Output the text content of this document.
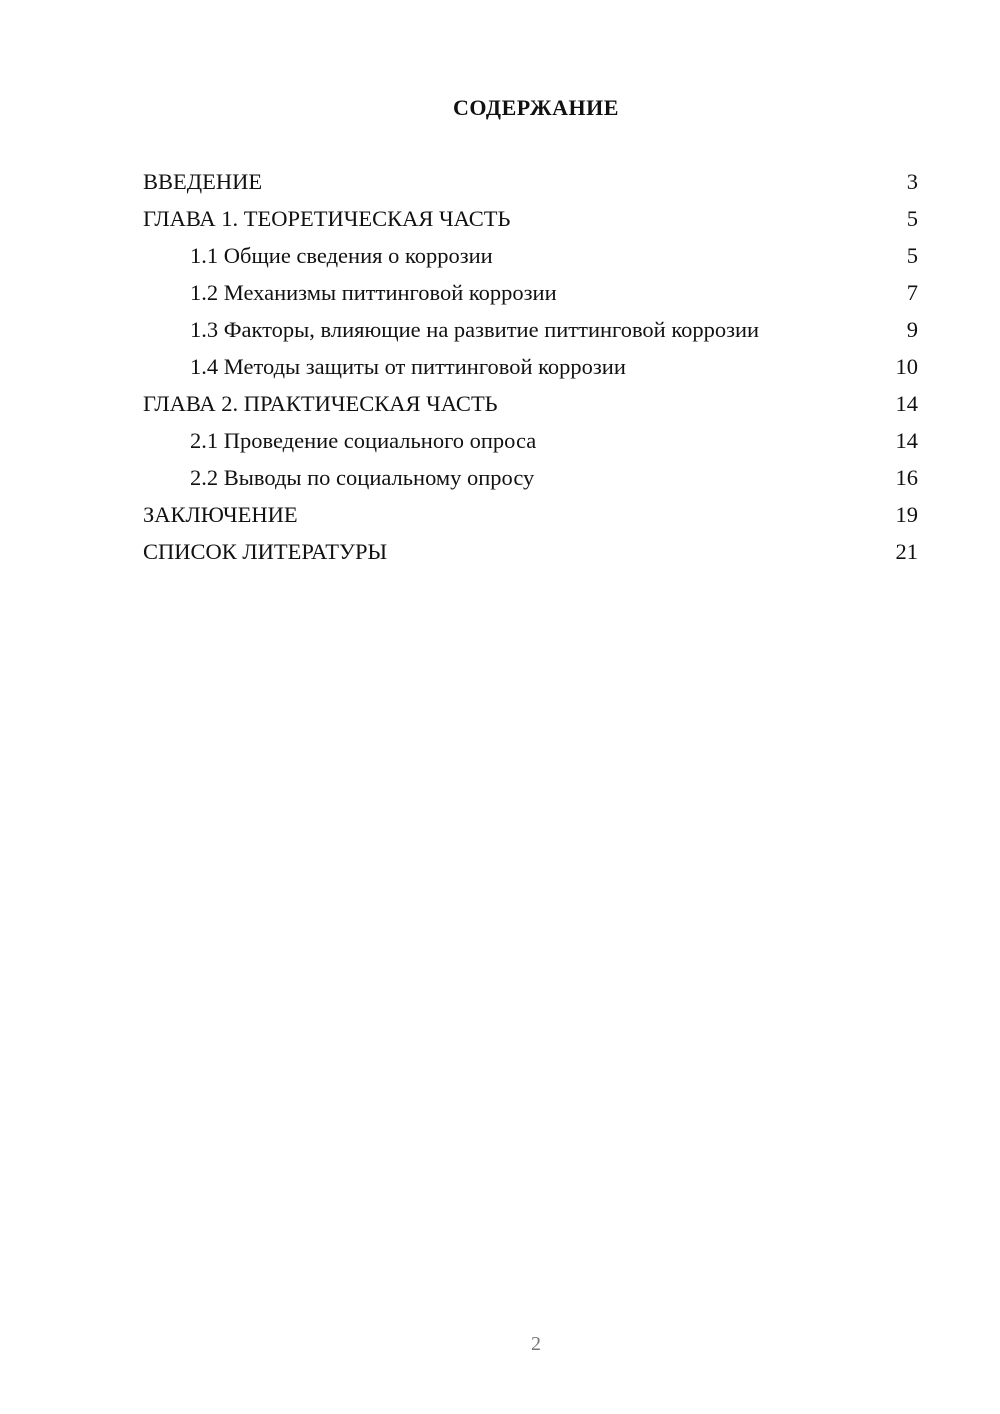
СОДЕРЖАНИЕ
ВВЕДЕНИЕ	3
ГЛАВА 1. ТЕОРЕТИЧЕСКАЯ ЧАСТЬ	5
1.1 Общие сведения о коррозии	5
1.2 Механизмы питтинговой коррозии	7
1.3 Факторы, влияющие на развитие питтинговой коррозии	9
1.4 Методы защиты от питтинговой коррозии	10
ГЛАВА 2. ПРАКТИЧЕСКАЯ ЧАСТЬ	14
2.1 Проведение социального опроса	14
2.2 Выводы по социальному опросу	16
ЗАКЛЮЧЕНИЕ	19
СПИСОК ЛИТЕРАТУРЫ	21
2
